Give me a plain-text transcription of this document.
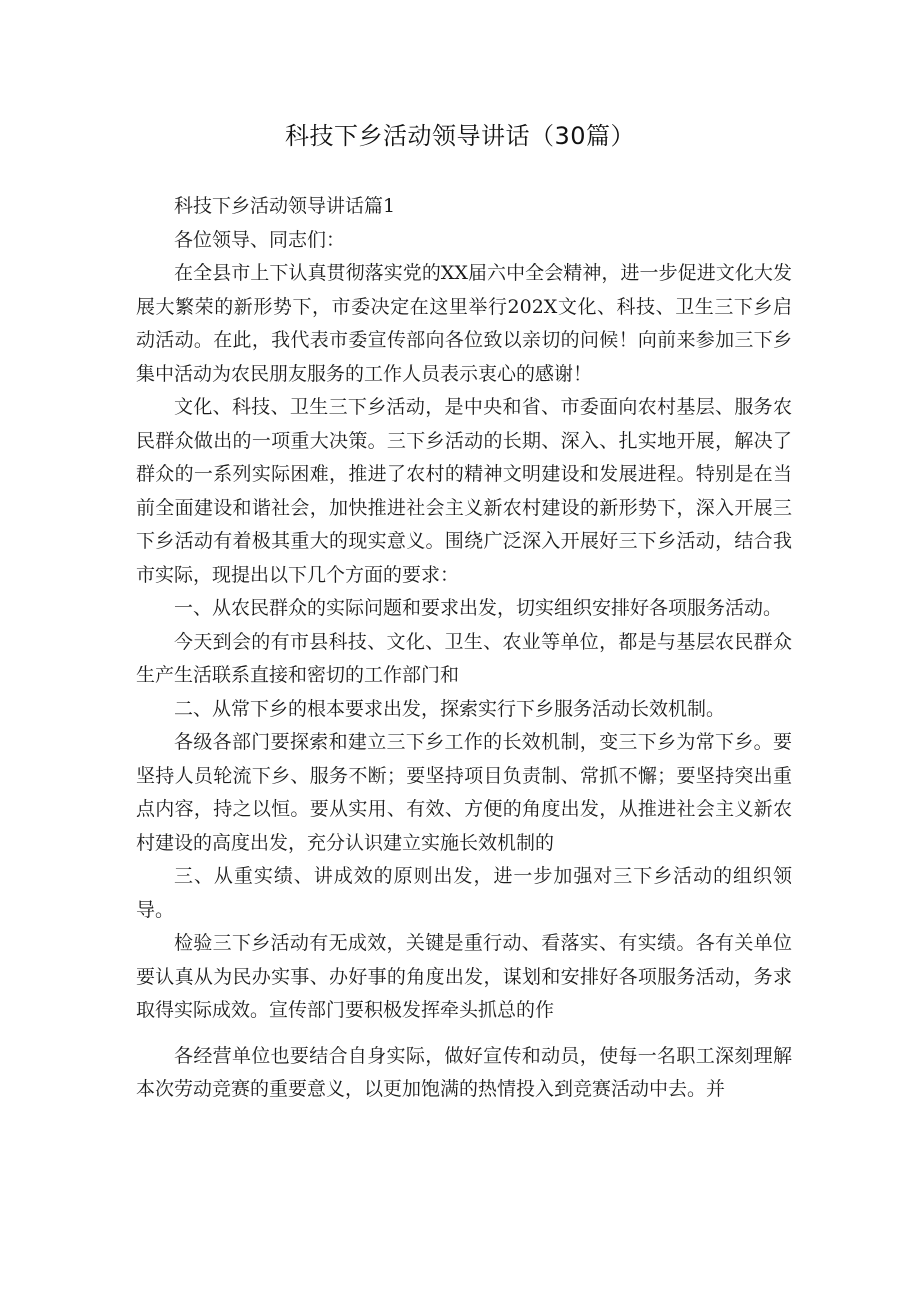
科技下乡活动领导讲话（30篇）

科技下乡活动领导讲话篇1

各位领导、同志们：

在全县市上下认真贯彻落实党的XX届六中全会精神，进一步促进文化大发展大繁荣的新形势下，市委决定在这里举行202X文化、科技、卫生三下乡启动活动。在此，我代表市委宣传部向各位致以亲切的问候！向前来参加三下乡集中活动为农民朋友服务的工作人员表示衷心的感谢！

文化、科技、卫生三下乡活动，是中央和省、市委面向农村基层、服务农民群众做出的一项重大决策。三下乡活动的长期、深入、扎实地开展，解决了群众的一系列实际困难，推进了农村的精神文明建设和发展进程。特别是在当前全面建设和谐社会，加快推进社会主义新农村建设的新形势下，深入开展三下乡活动有着极其重大的现实意义。围绕广泛深入开展好三下乡活动，结合我市实际，现提出以下几个方面的要求：

一、从农民群众的实际问题和要求出发，切实组织安排好各项服务活动。

今天到会的有市县科技、文化、卫生、农业等单位，都是与基层农民群众生产生活联系直接和密切的工作部门和

二、从常下乡的根本要求出发，探索实行下乡服务活动长效机制。

各级各部门要探索和建立三下乡工作的长效机制，变三下乡为常下乡。要坚持人员轮流下乡、服务不断；要坚持项目负责制、常抓不懈；要坚持突出重点内容，持之以恒。要从实用、有效、方便的角度出发，从推进社会主义新农村建设的高度出发，充分认识建立实施长效机制的

三、从重实绩、讲成效的原则出发，进一步加强对三下乡活动的组织领导。

检验三下乡活动有无成效，关键是重行动、看落实、有实绩。各有关单位要认真从为民办实事、办好事的角度出发，谋划和安排好各项服务活动，务求取得实际成效。宣传部门要积极发挥牵头抓总的作

各经营单位也要结合自身实际，做好宣传和动员，使每一名职工深刻理解本次劳动竞赛的重要意义，以更加饱满的热情投入到竞赛活动中去。并
